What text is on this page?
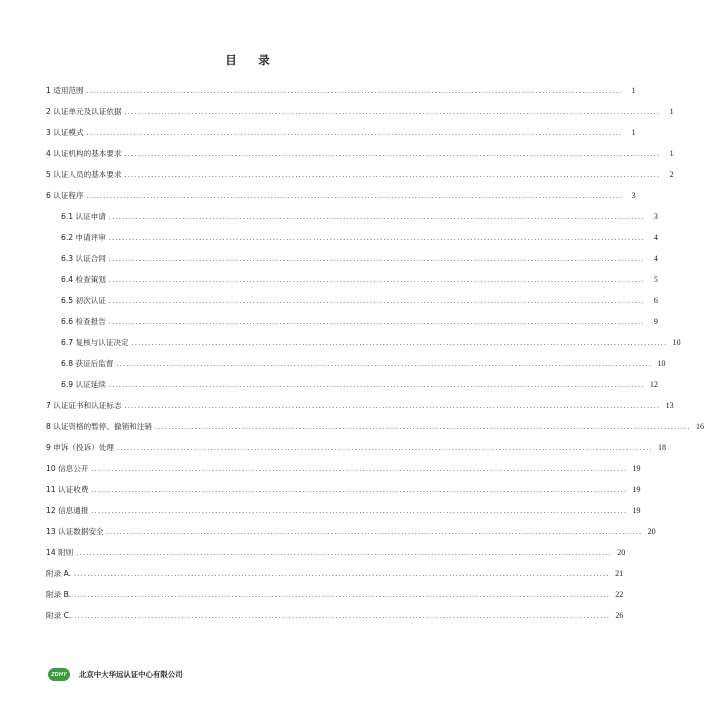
目　录
1 适用范围 ................................................................................................................................................................	1
2 认证单元及认证依据 ................................................................................................................................................................	1
3 认证模式 ................................................................................................................................................................	1
4 认证机构的基本要求 ................................................................................................................................................................	1
5 认证人员的基本要求 ................................................................................................................................................................	2
6 认证程序 ................................................................................................................................................................	3
6.1 认证申请 ................................................................................................................................................................	3
6.2 申请评审 ................................................................................................................................................................	4
6.3 认证合同 ................................................................................................................................................................	4
6.4 检查策划 ................................................................................................................................................................	5
6.5 初次认证 ................................................................................................................................................................	6
6.6 检查报告 ................................................................................................................................................................	9
6.7 复核与认证决定 ................................................................................................................................................................ 10
6.8 获证后监督 ................................................................................................................................................................ 10
6.9 认证延续 ................................................................................................................................................................ 12
7 认证证书和认证标志 ................................................................................................................................................................ 13
8 认证资格的暂停、撤销和注销 ................................................................................................................................................................ 16
9 申诉（投诉）处理 ................................................................................................................................................................ 18
10 信息公开 ................................................................................................................................................................ 19
11 认证收费 ................................................................................................................................................................ 19
12 信息通报 ................................................................................................................................................................ 19
13 认证数据安全 ................................................................................................................................................................ 20
14 附则 ................................................................................................................................................................ 20
附录 A. ................................................................................................................................................................ 21
附录 B. ................................................................................................................................................................ 22
附录 C. ................................................................................................................................................................ 26
ZDHY 北京中大华远认证中心有限公司
